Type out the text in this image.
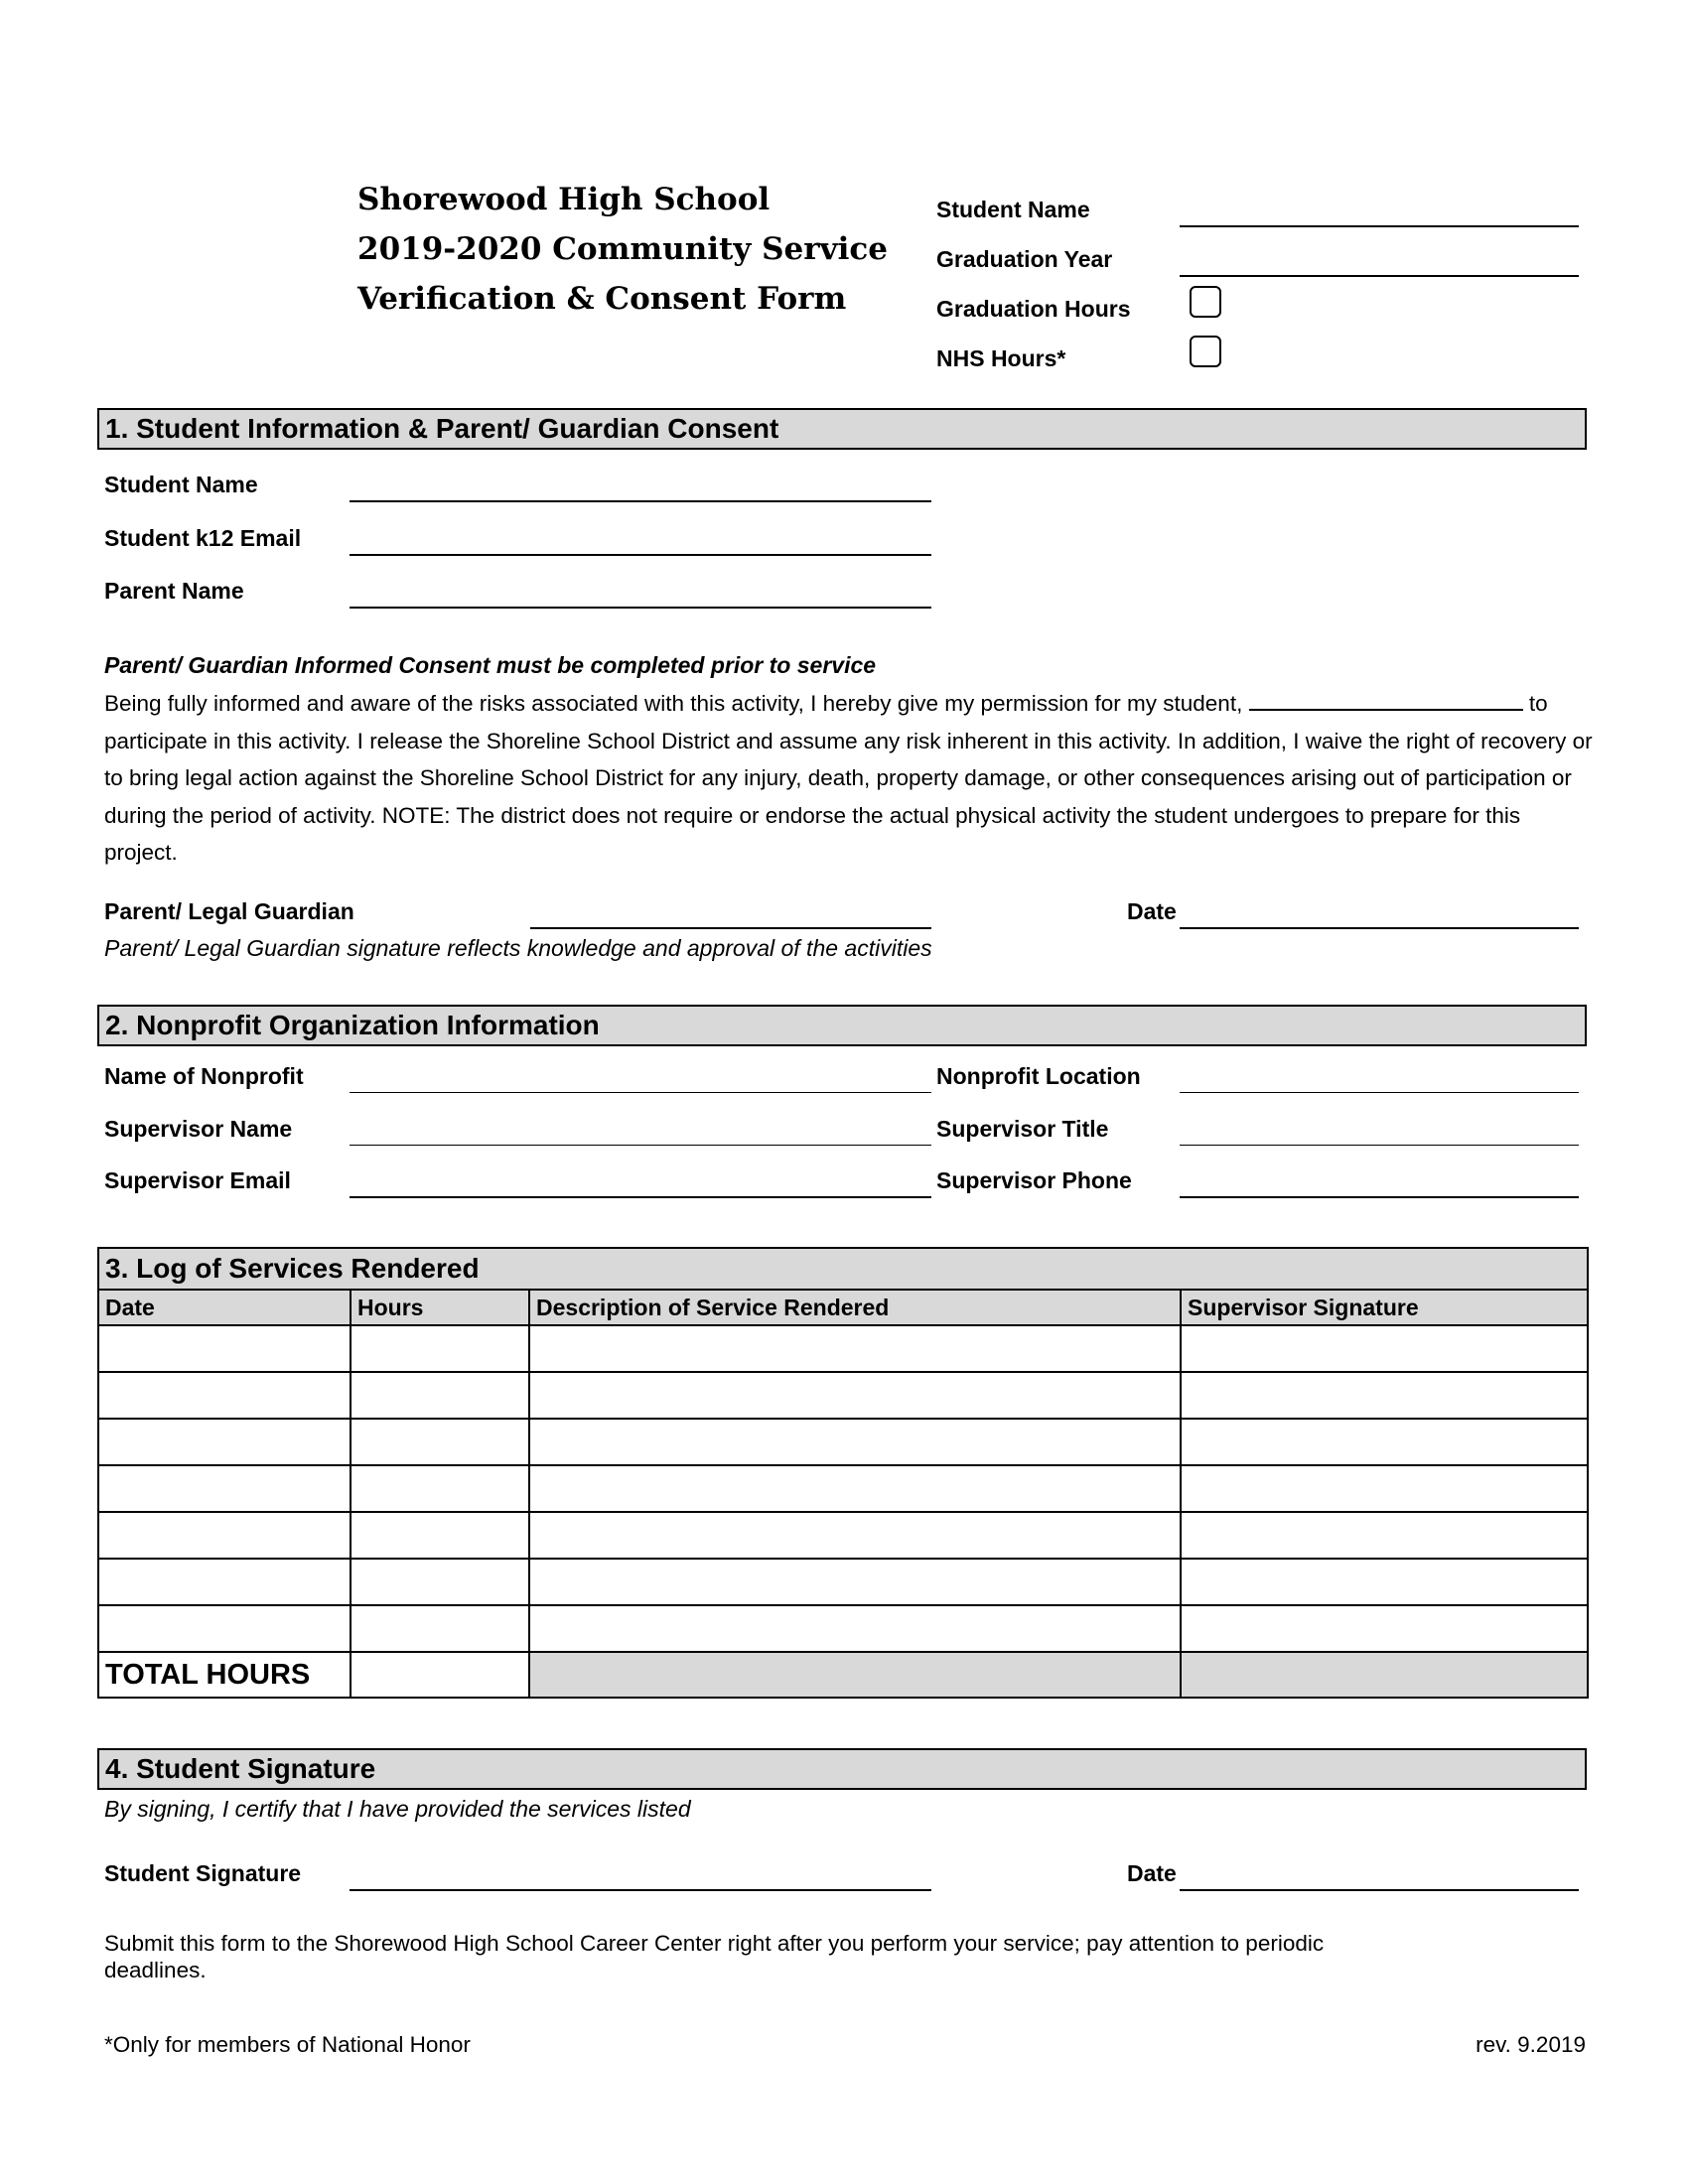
Shorewood High School
2019-2020 Community Service
Verification & Consent Form
Student Name
Graduation Year
Graduation Hours
NHS Hours*
1. Student Information & Parent/ Guardian Consent
Student Name
Student k12 Email
Parent Name
Parent/ Guardian Informed Consent must be completed prior to service
Being fully informed and aware of the risks associated with this activity, I hereby give my permission for my student,	to participate in this activity. I release the Shoreline School District and assume any risk inherent in this activity. In addition, I waive the right of recovery or to bring legal action against the Shoreline School District for any injury, death, property damage, or other consequences arising out of participation or during the period of activity. NOTE: The district does not require or endorse the actual physical activity the student undergoes to prepare for this project.
Parent/ Legal Guardian	Date
Parent/ Legal Guardian signature reflects knowledge and approval of the activities
2. Nonprofit Organization Information
Name of Nonprofit	Nonprofit Location
Supervisor Name	Supervisor Title
Supervisor Email	Supervisor Phone
3. Log of Services Rendered			
Date	Hours	Description of Service Rendered	Supervisor Signature

TOTAL HOURS			
4. Student Signature
By signing, I certify that I have provided the services listed
Student Signature	Date
Submit this form to the Shorewood High School Career Center right after you perform your service; pay attention to periodic
deadlines.
*Only for members of National Honor	rev. 9.2019
